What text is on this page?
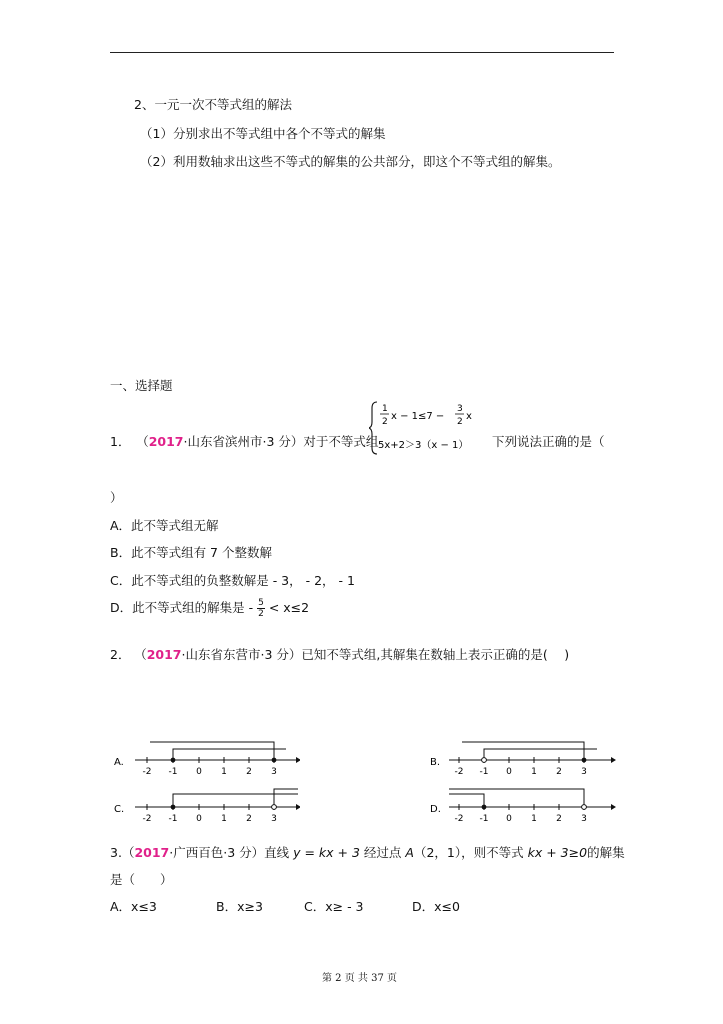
2、一元一次不等式组的解法
（1）分别求出不等式组中各个不等式的解集
（2）利用数轴求出这些不等式的解集的公共部分，即这个不等式组的解集。
一、选择题
1． （2017·山东省滨州市·3 分）对于不等式组
1
2 x − 1≤7 −
3
2 x
5x+2＞3（x − 1） 下列说法正确的是（
）
A．此不等式组无解
B．此不等式组有 7 个整数解
C．此不等式组的负整数解是 - 3， - 2， - 1
D．此不等式组的解集是 - $\frac{5}{2} < x\le 2$
2． （2017·山东省东营市·3 分）已知不等式组,其解集在数轴上表示正确的是(　 )
A.
-2 -1 0 1 2 3
B.
-2 -1 0 1 2 3
C.
-2 -1 0 1 2 3
D.
-2 -1 0 1 2 3
3.（2017·广西百色·3 分）直线 y = kx + 3 经过点 A（2，1），则不等式 kx + 3≥0的解集
是（　　）
A．x≤3	B．x≥3	C．x≥ - 3	D．x≤0
第 2 页 共 37 页
